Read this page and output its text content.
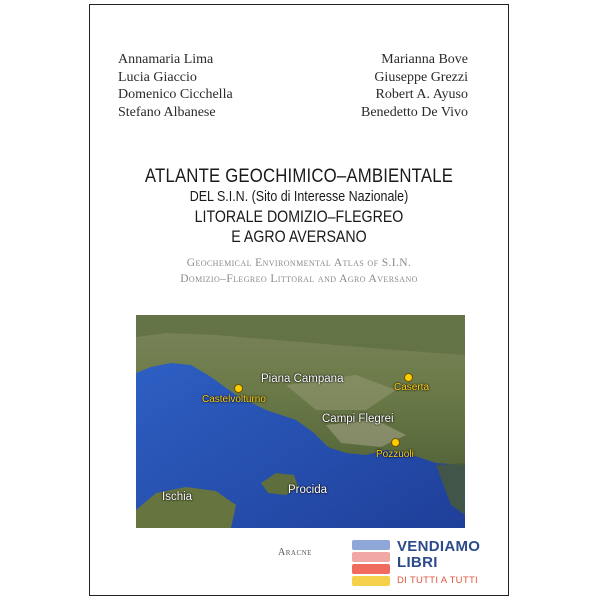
Annamaria Lima
Lucia Giaccio
Domenico Cicchella
Stefano Albanese
Marianna Bove
Giuseppe Grezzi
Robert A. Ayuso
Benedetto De Vivo
ATLANTE GEOCHIMICO–AMBIENTALE
DEL S.I.N. (Sito di Interesse Nazionale)
LITORALE DOMIZIO–FLEGREO
E AGRO AVERSANO
Geochemical Environmental Atlas of S.I.N.
Domizio–Flegreo Littoral and Agro Aversano
Piana Campana
Castelvolturno
Caserta
Campi Flegrei
Pozzuoli
Procida
Ischia
Aracne	VENDIAMO
LIBRI
DI TUTTI A TUTTI
